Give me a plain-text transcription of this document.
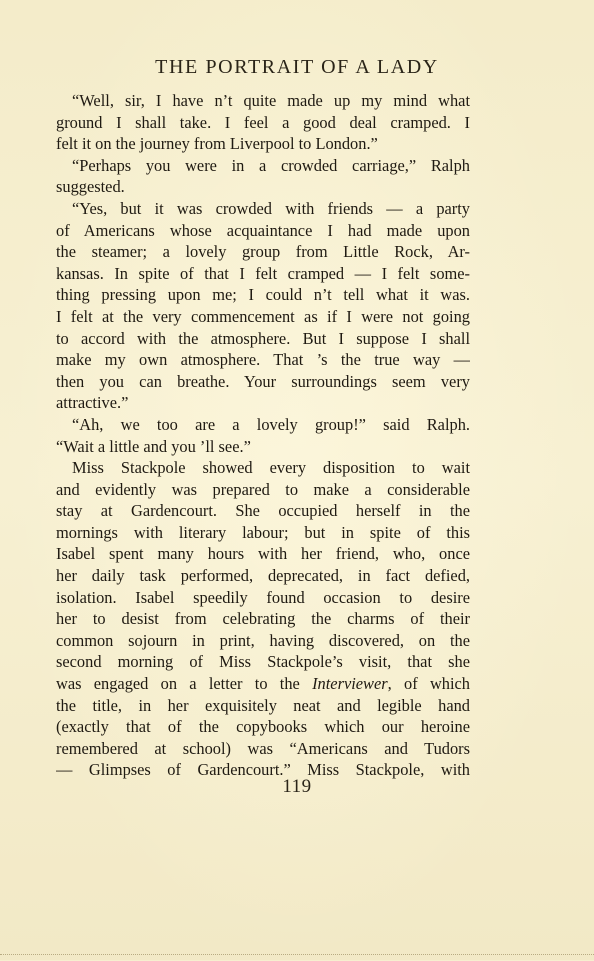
THE PORTRAIT OF A LADY
“Well, sir, I have n’t quite made up my mind what
ground I shall take. I feel a good deal cramped. I
felt it on the journey from Liverpool to London.”
“Perhaps you were in a crowded carriage,” Ralph
suggested.
“Yes, but it was crowded with friends — a party
of Americans whose acquaintance I had made upon
the steamer; a lovely group from Little Rock, Ar-
kansas. In spite of that I felt cramped — I felt some-
thing pressing upon me; I could n’t tell what it was.
I felt at the very commencement as if I were not going
to accord with the atmosphere. But I suppose I shall
make my own atmosphere. That ’s the true way —
then you can breathe. Your surroundings seem very
attractive.”
“Ah, we too are a lovely group!” said Ralph.
“Wait a little and you ’ll see.”
Miss Stackpole showed every disposition to wait
and evidently was prepared to make a considerable
stay at Gardencourt. She occupied herself in the
mornings with literary labour; but in spite of this
Isabel spent many hours with her friend, who, once
her daily task performed, deprecated, in fact defied,
isolation. Isabel speedily found occasion to desire
her to desist from celebrating the charms of their
common sojourn in print, having discovered, on the
second morning of Miss Stackpole’s visit, that she
was engaged on a letter to the Interviewer, of which
the title, in her exquisitely neat and legible hand
(exactly that of the copybooks which our heroine
remembered at school) was “Americans and Tudors
— Glimpses of Gardencourt.” Miss Stackpole, with
119
